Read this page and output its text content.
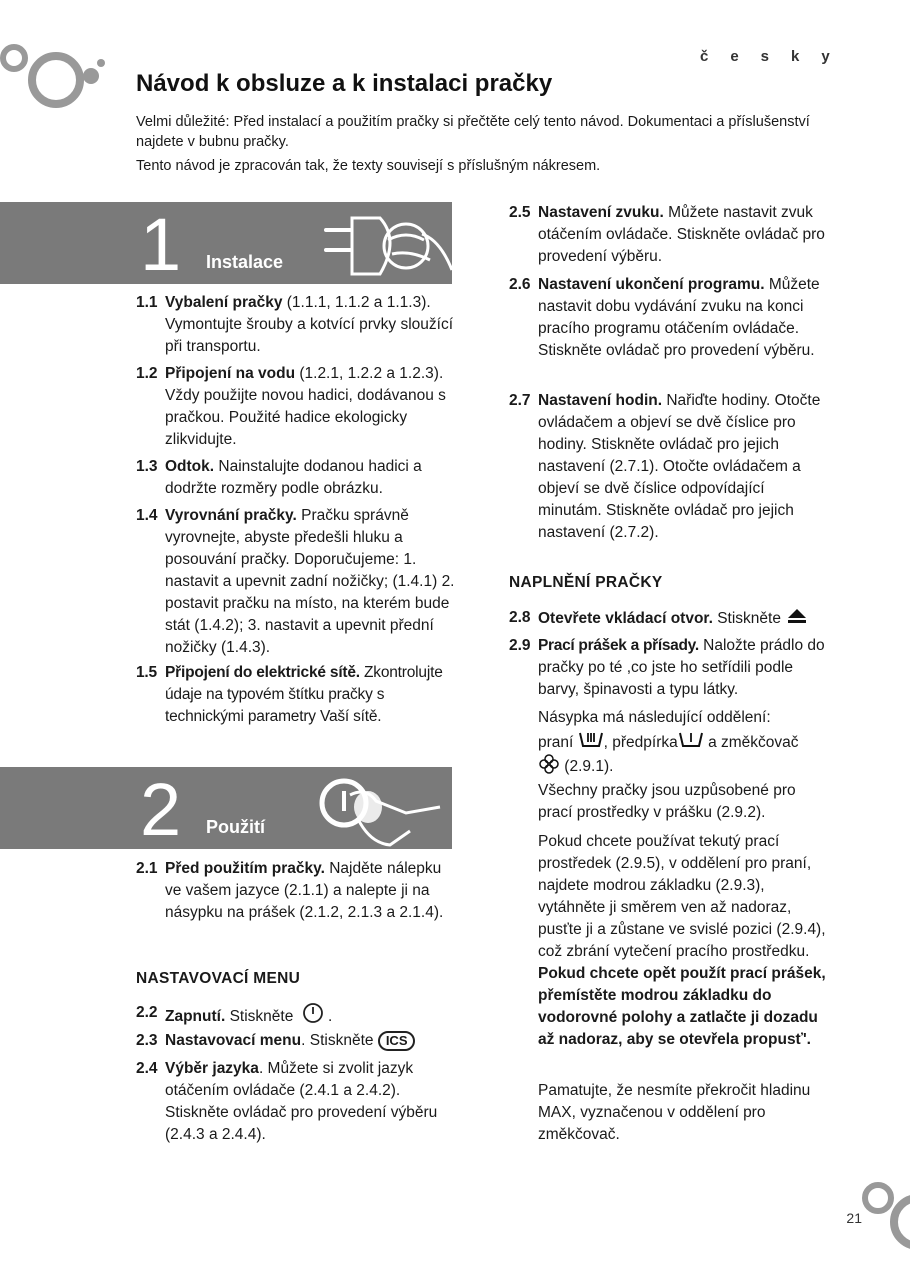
česky
Návod k obsluze a k instalaci pračky
Velmi důležité: Před instalací a použitím pračky si přečtěte celý tento návod. Dokumentaci a příslušenství najdete v bubnu pračky.
Tento návod je zpracován tak, že texty souvisejí s příslušným nákresem.
1 Instalace
1.1 Vybalení pračky (1.1.1, 1.1.2 a 1.1.3). Vymontujte šrouby a kotvící prvky sloužící při transportu.
1.2 Připojení na vodu (1.2.1, 1.2.2 a 1.2.3). Vždy použijte novou hadici, dodávanou s pračkou. Použité hadice ekologicky zlikvidujte.
1.3 Odtok. Nainstalujte dodanou hadici a dodržte rozměry podle obrázku.
1.4 Vyrovnání pračky. Pračku správně vyrovnejte, abyste předešli hluku a posouvání pračky. Doporučujeme: 1. nastavit a upevnit zadní nožičky; (1.4.1) 2. postavit pračku na místo, na kterém bude stát (1.4.2); 3. nastavit a upevnit přední nožičky (1.4.3).
1.5 Připojení do elektrické sítě. Zkontrolujte údaje na typovém štítku pračky s technickými parametry Vaší sítě.
2 Použití
2.1 Před použitím pračky. Najděte nálepku ve vašem jazyce (2.1.1) a nalepte ji na násypku na prášek (2.1.2, 2.1.3 a 2.1.4).
NASTAVOVACÍ MENU
2.2 Zapnutí. Stiskněte  .
2.3 Nastavovací menu. Stiskněte ICS
2.4 Výběr jazyka. Můžete si zvolit jazyk otáčením ovládače (2.4.1 a 2.4.2). Stiskněte ovládač pro provedení výběru (2.4.3 a 2.4.4).
2.5 Nastavení zvuku. Můžete nastavit zvuk otáčením ovládače. Stiskněte ovládač pro provedení výběru.
2.6 Nastavení ukončení programu. Můžete nastavit dobu vydávání zvuku na konci pracího programu otáčením ovládače. Stiskněte ovládač pro provedení výběru.
2.7 Nastavení hodin. Nařiďte hodiny. Otočte ovládačem a objeví se dvě číslice pro hodiny. Stiskněte ovládač pro jejich nastavení (2.7.1). Otočte ovládačem a objeví se dvě číslice odpovídající minutám. Stiskněte ovládač pro jejich nastavení (2.7.2).
NAPLNĚNÍ PRAČKY
2.8 Otevřete vkládací otvor. Stiskněte
2.9 Prací prášek a přísady. Naložte prádlo do pračky po té ,co jste ho setřídili podle barvy, špinavosti a typu látky.
Násypka má následující oddělení:
praní , předpírka a změkčovač
(2.9.1).
Všechny pračky jsou uzpůsobené pro prací prostředky v prášku (2.9.2).
Pokud chcete používat tekutý prací prostředek (2.9.5), v oddělení pro praní, najdete modrou základku (2.9.3), vytáhněte ji směrem ven až nadoraz, pusťte ji a zůstane ve svislé pozici (2.9.4), což zbrání vytečení pracího prostředku. Pokud chcete opět použít prací prášek, přemístěte modrou základku do vodorovné polohy a zatlačte ji dozadu až nadoraz, aby se otevřela propusť'.
Pamatujte, že nesmíte překročit hladinu MAX, vyznačenou v oddělení pro změkčovač.
21
